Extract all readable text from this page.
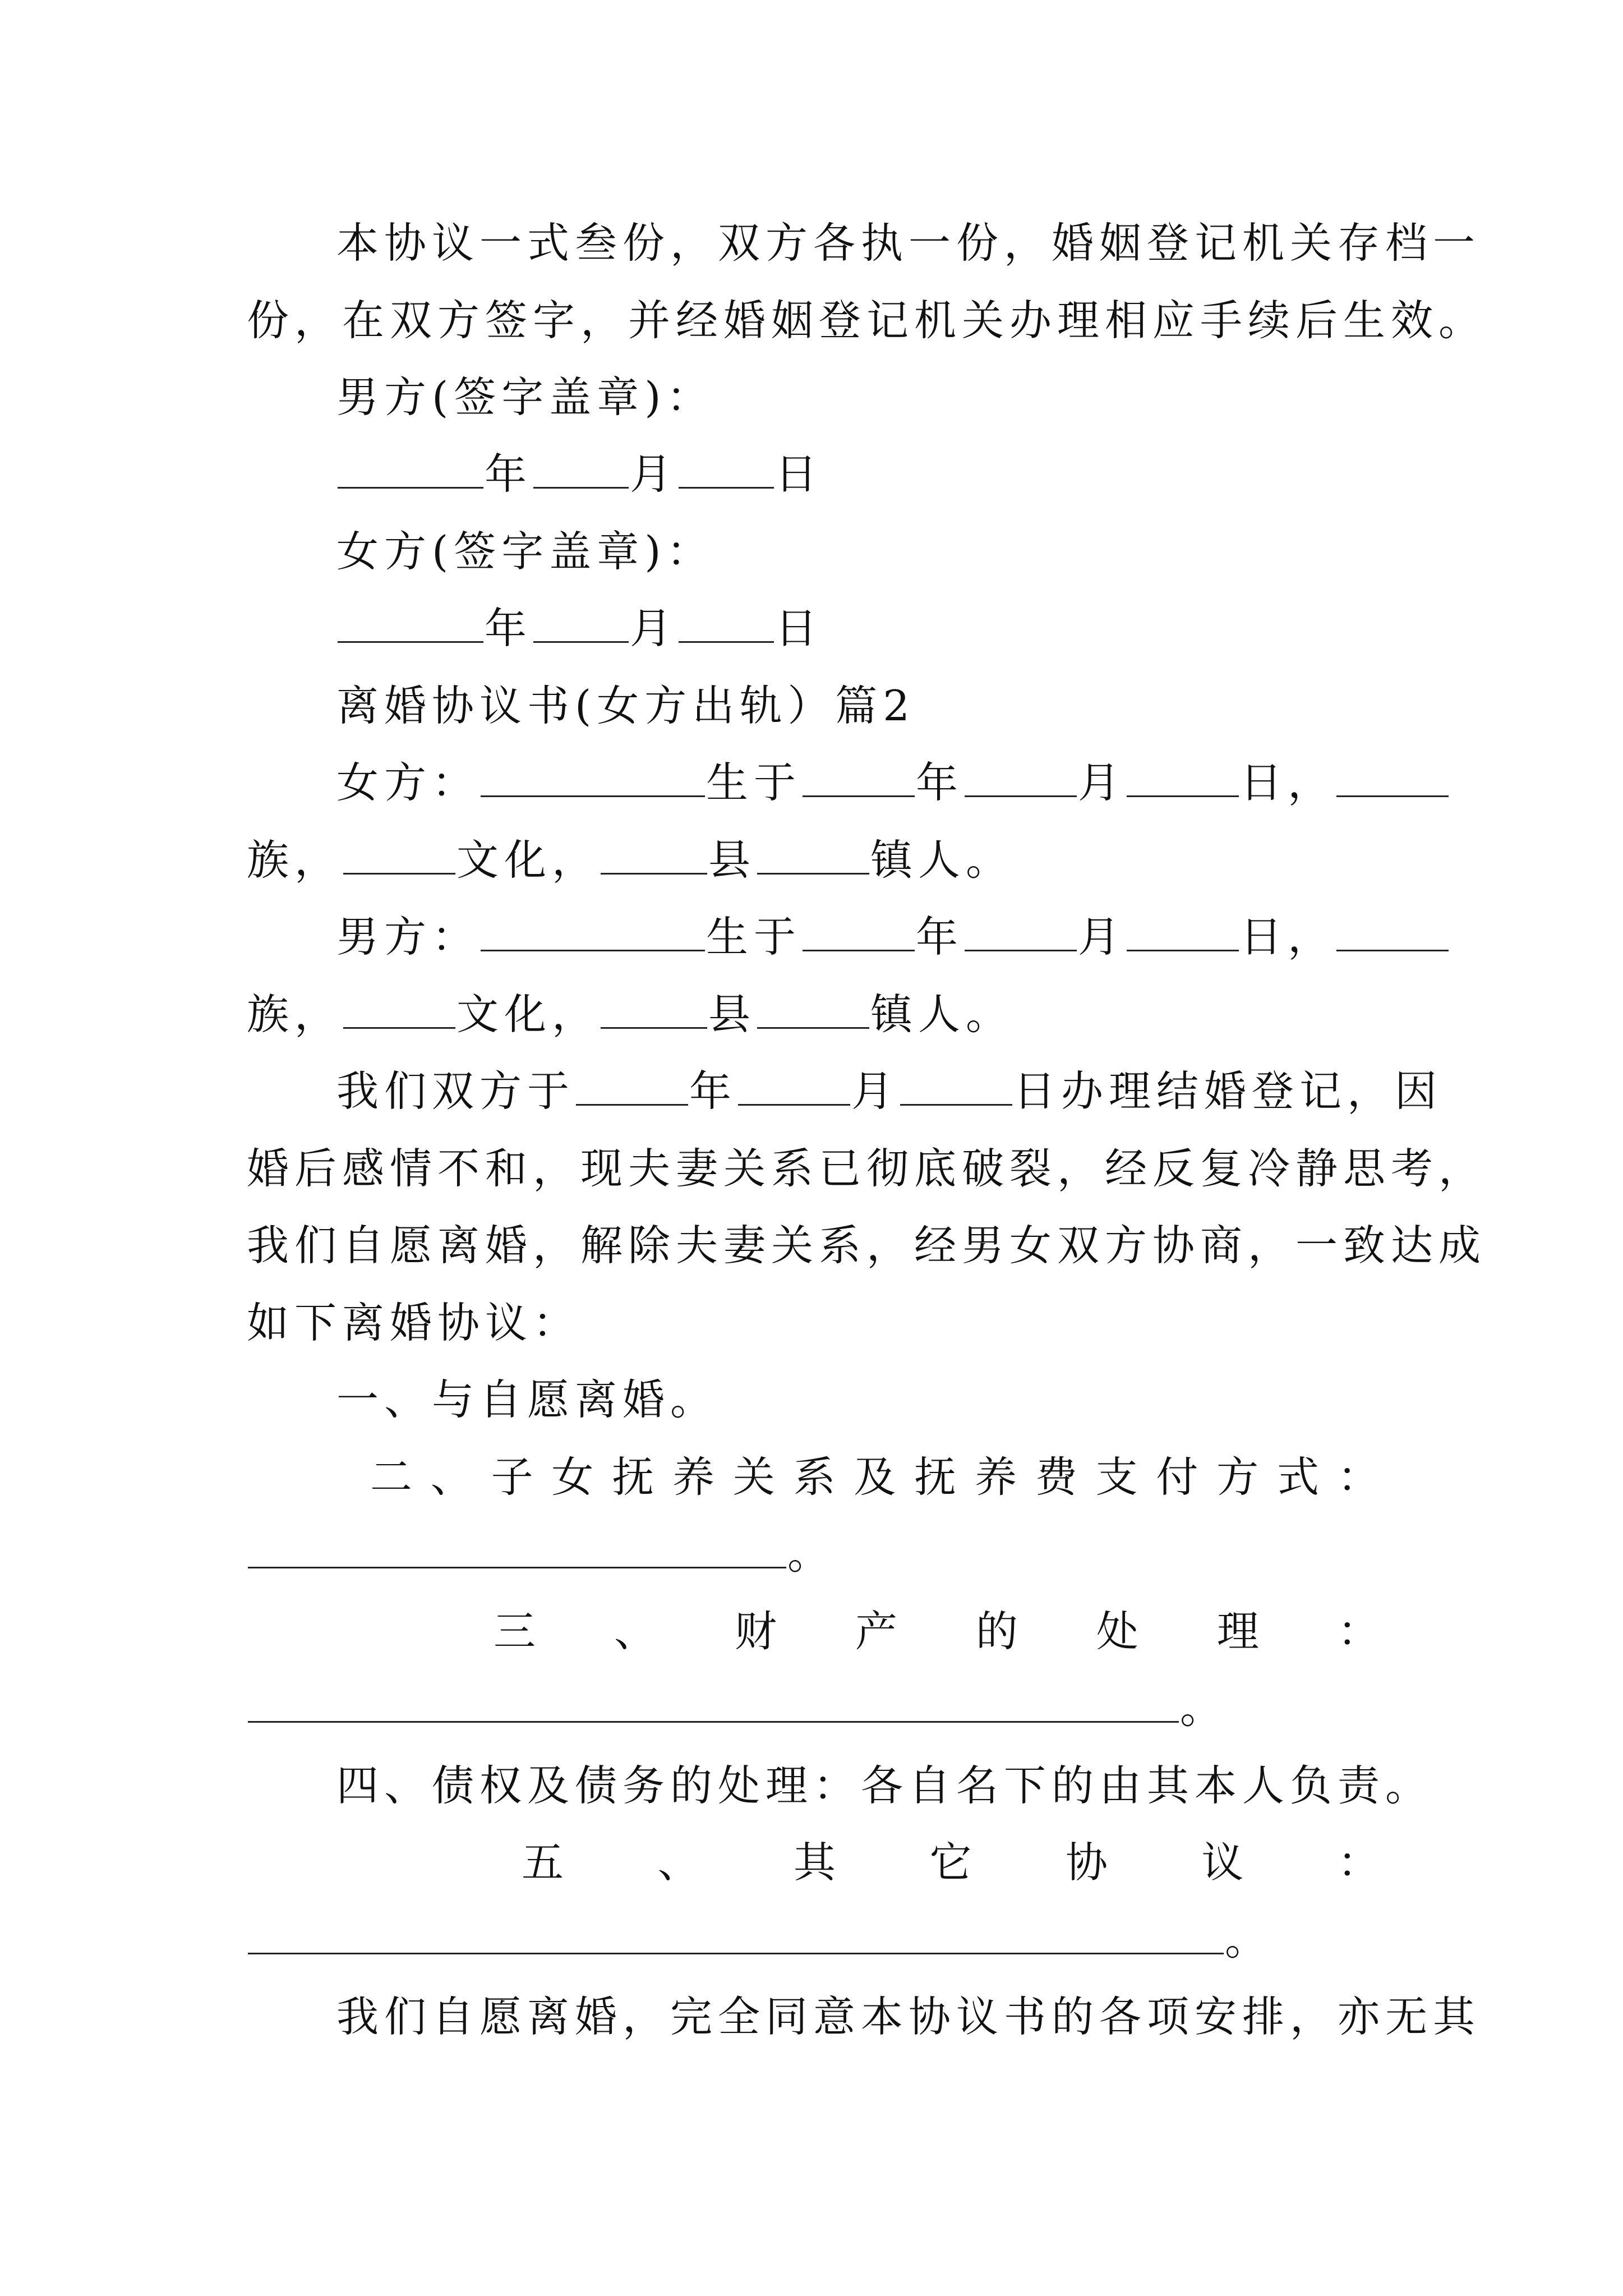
本协议一式叁份，双方各执一份，婚姻登记机关存档一
份，在双方签字，并经婚姻登记机关办理相应手续后生效。
男方(签字盖章)：
年 月 日
女方(签字盖章)：
年 月 日
离婚协议书(女方出轨）篇2
女方：	生于	年	月	日，
族，	文化，	县	镇人。
男方：	生于	年	月	日，
族，	文化，	县	镇人。
我们双方于	年	月	日办理结婚登记，因
婚后感情不和，现夫妻关系已彻底破裂，经反复冷静思考，
我们自愿离婚，解除夫妻关系，经男女双方协商，一致达成
如下离婚协议：
一、与自愿离婚。
二 、 子 女 抚 养 关 系 及 抚 养 费 支 付 方 式 ：
。
三 、 财 产 的 处 理 ：
。
四、债权及债务的处理：各自名下的由其本人负责。
五 、 其 它 协 议 ：
。
我们自愿离婚，完全同意本协议书的各项安排，亦无其
